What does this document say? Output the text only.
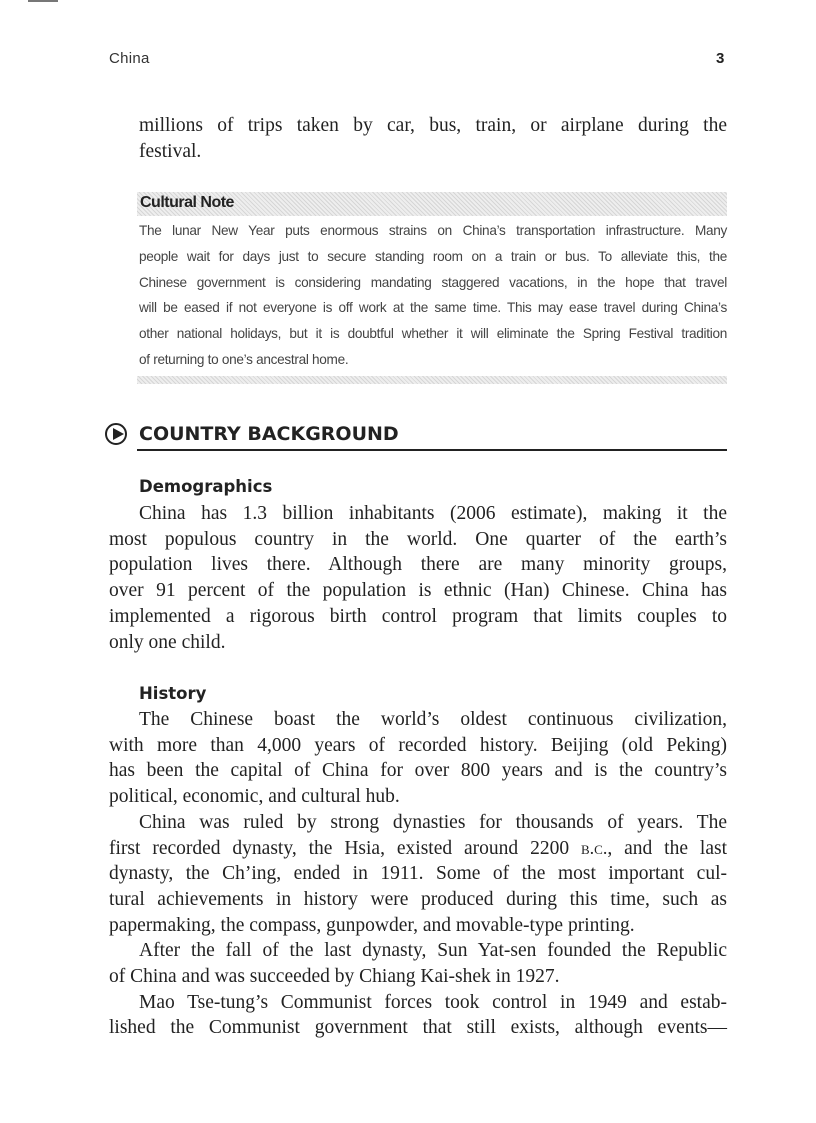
China	3
millions of trips taken by car, bus, train, or airplane during the
festival.
Cultural Note
The lunar New Year puts enormous strains on China’s transportation infrastructure. Many
people wait for days just to secure standing room on a train or bus. To alleviate this, the
Chinese government is considering mandating staggered vacations, in the hope that travel
will be eased if not everyone is off work at the same time. This may ease travel during China’s
other national holidays, but it is doubtful whether it will eliminate the Spring Festival tradition
of returning to one’s ancestral home.
COUNTRY BACKGROUND
Demographics
China has 1.3 billion inhabitants (2006 estimate), making it the
most populous country in the world. One quarter of the earth’s
population lives there. Although there are many minority groups,
over 91 percent of the population is ethnic (Han) Chinese. China has
implemented a rigorous birth control program that limits couples to
only one child.
History
The Chinese boast the world’s oldest continuous civilization,
with more than 4,000 years of recorded history. Beijing (old Peking)
has been the capital of China for over 800 years and is the country’s
political, economic, and cultural hub.
China was ruled by strong dynasties for thousands of years. The
first recorded dynasty, the Hsia, existed around 2200 b.c., and the last
dynasty, the Ch’ing, ended in 1911. Some of the most important cul-
tural achievements in history were produced during this time, such as
papermaking, the compass, gunpowder, and movable-type printing.
After the fall of the last dynasty, Sun Yat-sen founded the Republic
of China and was succeeded by Chiang Kai-shek in 1927.
Mao Tse-tung’s Communist forces took control in 1949 and estab-
lished the Communist government that still exists, although events—
